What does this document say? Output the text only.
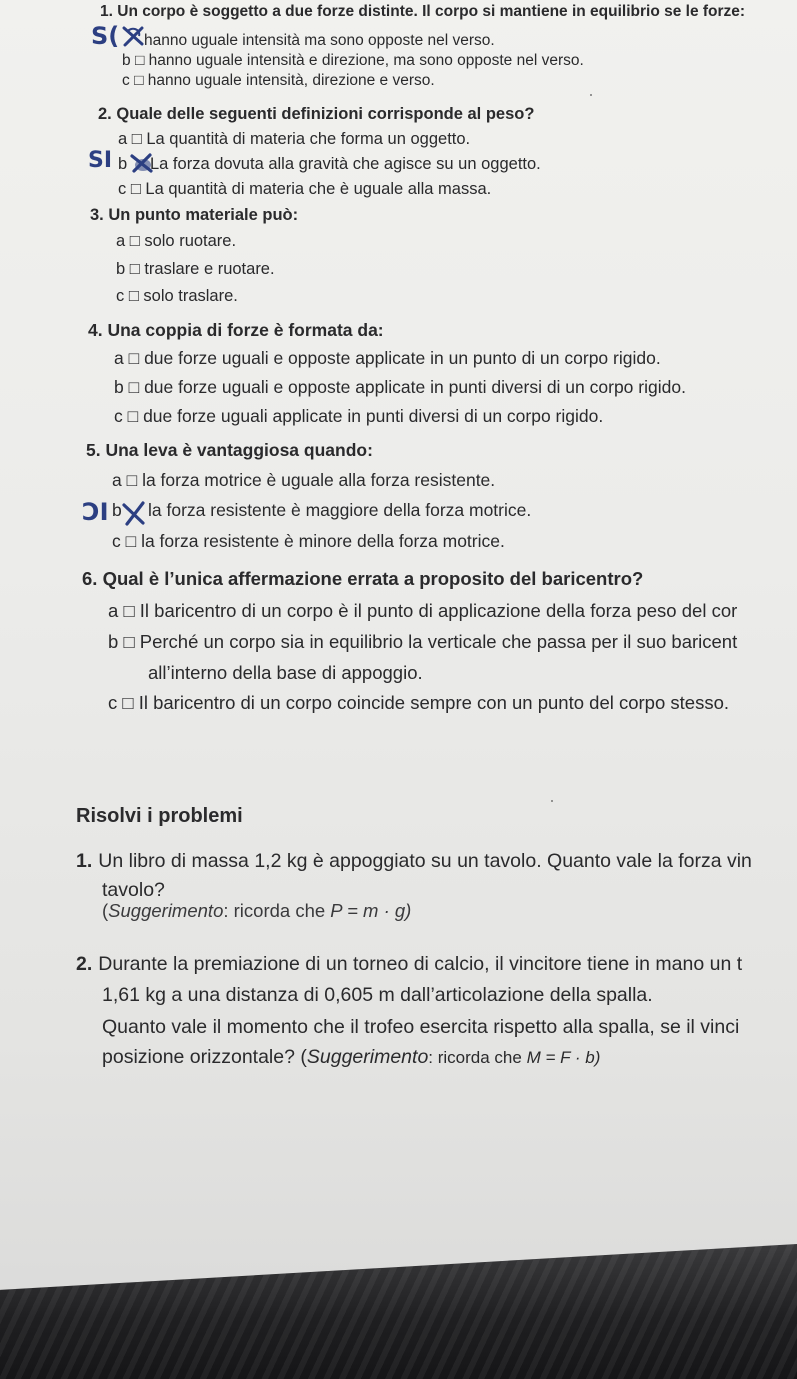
1. Un corpo è soggetto a due forze distinte. Il corpo si mantiene in equilibrio se le forze:
S( hanno uguale intensità ma sono opposte nel verso.
b □ hanno uguale intensità e direzione, ma sono opposte nel verso.
c □ hanno uguale intensità, direzione e verso.
2. Quale delle seguenti definizioni corrisponde al peso?
a □ La quantità di materia che forma un oggetto.
SI b La forza dovuta alla gravità che agisce su un oggetto.
c □ La quantità di materia che è uguale alla massa.
3. Un punto materiale può:
a □ solo ruotare.
b □ traslare e ruotare.
c □ solo traslare.
4. Una coppia di forze è formata da:
a □ due forze uguali e opposte applicate in un punto di un corpo rigido.
b □ due forze uguali e opposte applicate in punti diversi di un corpo rigido.
c □ due forze uguali applicate in punti diversi di un corpo rigido.
5. Una leva è vantaggiosa quando:
a □ la forza motrice è uguale alla forza resistente.
ƆI b la forza resistente è maggiore della forza motrice.
c □ la forza resistente è minore della forza motrice.
6. Qual è l’unica affermazione errata a proposito del baricentro?
a □ Il baricentro di un corpo è il punto di applicazione della forza peso del cor
b □ Perché un corpo sia in equilibrio la verticale che passa per il suo baricent
all’interno della base di appoggio.
c □ Il baricentro di un corpo coincide sempre con un punto del corpo stesso.
Risolvi i problemi
1. Un libro di massa 1,2 kg è appoggiato su un tavolo. Quanto vale la forza vin
tavolo?
(Suggerimento: ricorda che P = m · g)
2. Durante la premiazione di un torneo di calcio, il vincitore tiene in mano un t
1,61 kg a una distanza di 0,605 m dall’articolazione della spalla.
Quanto vale il momento che il trofeo esercita rispetto alla spalla, se il vinci
posizione orizzontale? (Suggerimento: ricorda che M = F · b)
